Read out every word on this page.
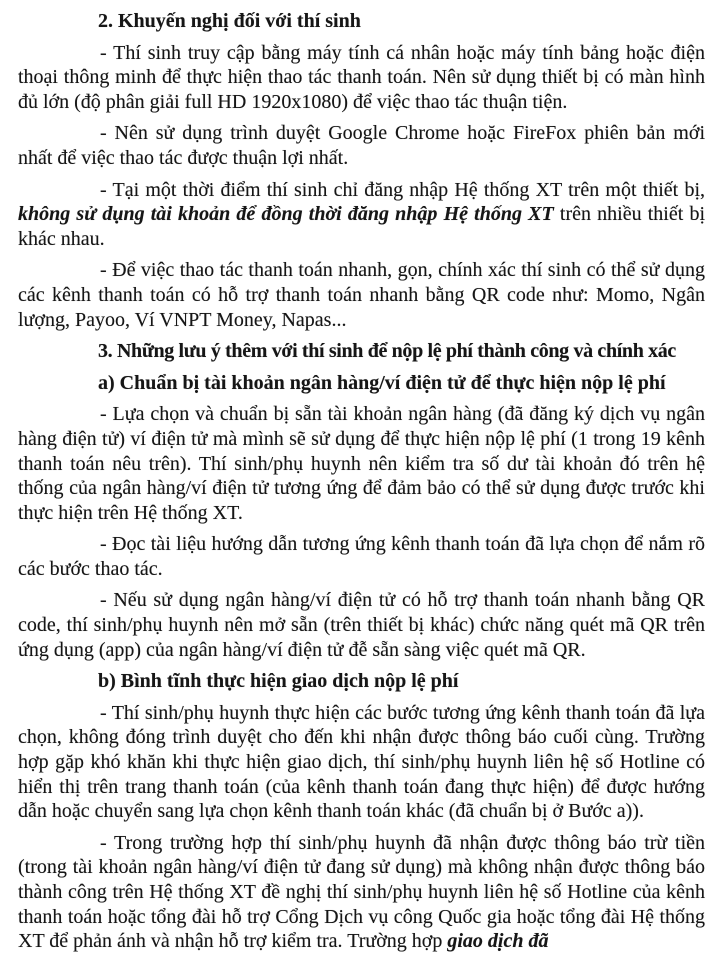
2. Khuyến nghị đối với thí sinh

- Thí sinh truy cập bằng máy tính cá nhân hoặc máy tính bảng hoặc điện thoại thông minh để thực hiện thao tác thanh toán. Nên sử dụng thiết bị có màn hình đủ lớn (độ phân giải full HD 1920x1080) để việc thao tác thuận tiện.

- Nên sử dụng trình duyệt Google Chrome hoặc FireFox phiên bản mới nhất để việc thao tác được thuận lợi nhất.

- Tại một thời điểm thí sinh chỉ đăng nhập Hệ thống XT trên một thiết bị, không sử dụng tài khoản để đồng thời đăng nhập Hệ thống XT trên nhiều thiết bị khác nhau.

- Để việc thao tác thanh toán nhanh, gọn, chính xác thí sinh có thể sử dụng các kênh thanh toán có hỗ trợ thanh toán nhanh bằng QR code như: Momo, Ngân lượng, Payoo, Ví VNPT Money, Napas...

3. Những lưu ý thêm với thí sinh để nộp lệ phí thành công và chính xác

a) Chuẩn bị tài khoản ngân hàng/ví điện tử để thực hiện nộp lệ phí

- Lựa chọn và chuẩn bị sẵn tài khoản ngân hàng (đã đăng ký dịch vụ ngân hàng điện tử) ví điện tử mà mình sẽ sử dụng để thực hiện nộp lệ phí (1 trong 19 kênh thanh toán nêu trên). Thí sinh/phụ huynh nên kiểm tra số dư tài khoản đó trên hệ thống của ngân hàng/ví điện tử tương ứng để đảm bảo có thể sử dụng được trước khi thực hiện trên Hệ thống XT.

- Đọc tài liệu hướng dẫn tương ứng kênh thanh toán đã lựa chọn để nắm rõ các bước thao tác.

- Nếu sử dụng ngân hàng/ví điện tử có hỗ trợ thanh toán nhanh bằng QR code, thí sinh/phụ huynh nên mở sẵn (trên thiết bị khác) chức năng quét mã QR trên ứng dụng (app) của ngân hàng/ví điện tử đễ sẵn sàng việc quét mã QR.

b) Bình tĩnh thực hiện giao dịch nộp lệ phí

- Thí sinh/phụ huynh thực hiện các bước tương ứng kênh thanh toán đã lựa chọn, không đóng trình duyệt cho đến khi nhận được thông báo cuối cùng. Trường hợp gặp khó khăn khi thực hiện giao dịch, thí sinh/phụ huynh liên hệ số Hotline có hiển thị trên trang thanh toán (của kênh thanh toán đang thực hiện) để được hướng dẫn hoặc chuyển sang lựa chọn kênh thanh toán khác (đã chuẩn bị ở Bước a)).

- Trong trường hợp thí sinh/phụ huynh đã nhận được thông báo trừ tiền (trong tài khoản ngân hàng/ví điện tử đang sử dụng) mà không nhận được thông báo thành công trên Hệ thống XT đề nghị thí sinh/phụ huynh liên hệ số Hotline của kênh thanh toán hoặc tổng đài hỗ trợ Cổng Dịch vụ công Quốc gia hoặc tổng đài Hệ thống XT để phản ánh và nhận hỗ trợ kiểm tra. Trường hợp giao dịch đã
